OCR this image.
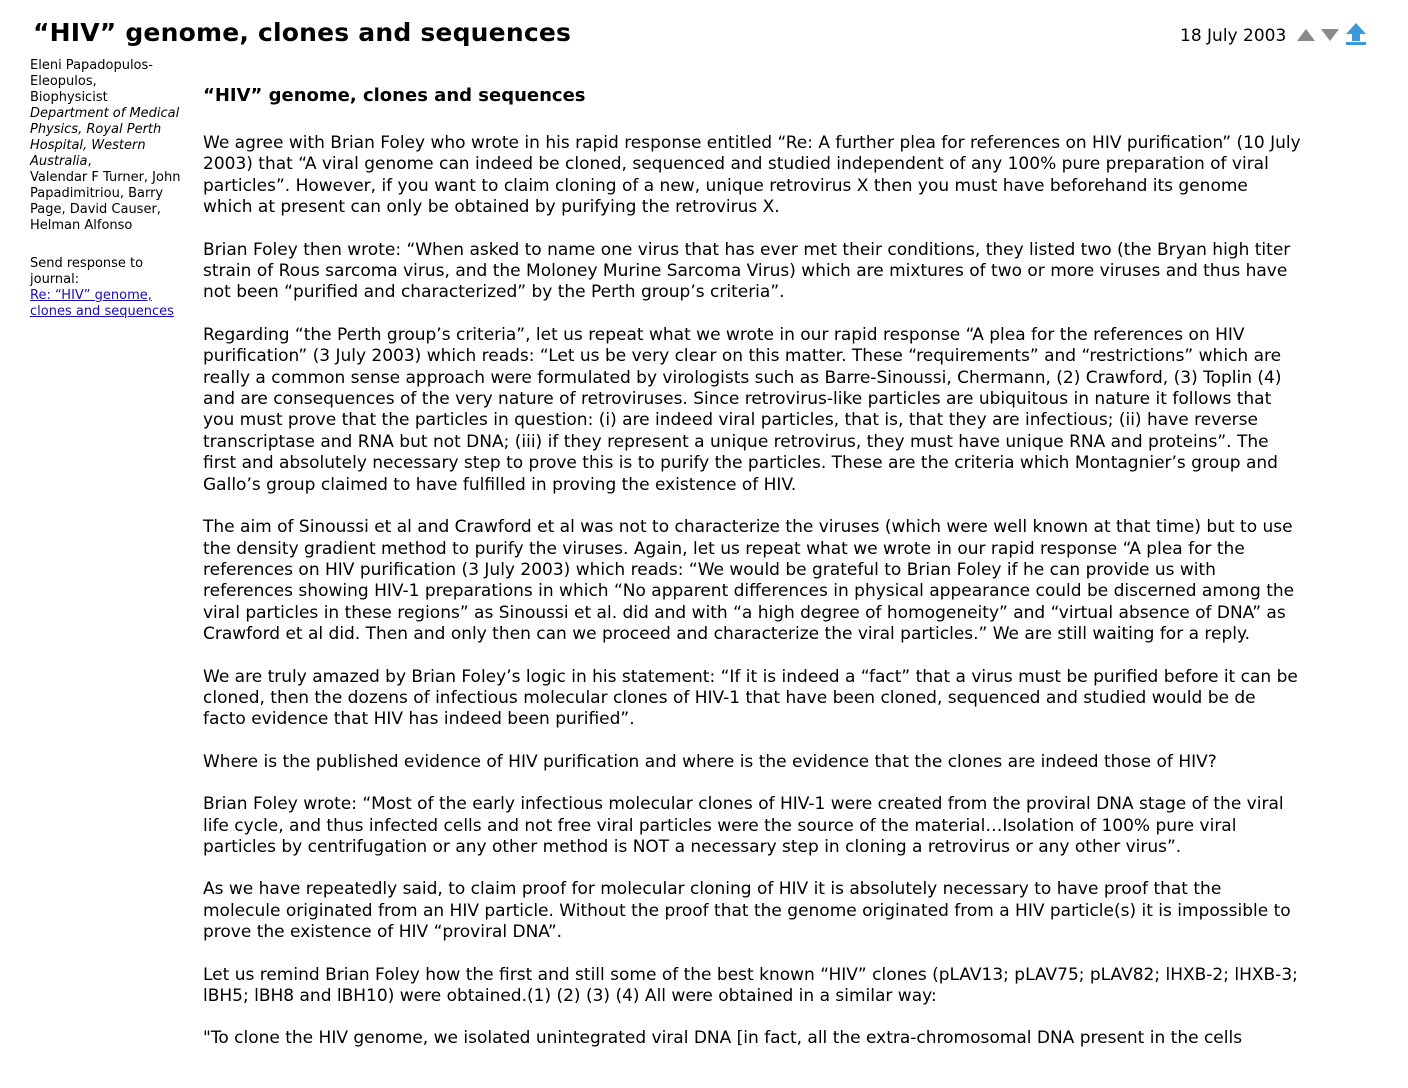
“HIV” genome, clones and sequences	18 July 2003
Eleni Papadopulos-
Eleopulos,
Biophysicist
Department of Medical
Physics, Royal Perth
Hospital, Western
Australia,
Valendar F Turner, John
Papadimitriou, Barry
Page, David Causer,
Helman Alfonso
Send response to
journal:
Re: “HIV” genome,
clones and sequences
“HIV” genome, clones and sequences

We agree with Brian Foley who wrote in his rapid response entitled “Re: A further plea for references on HIV purification” (10 July 2003) that “A viral genome can indeed be cloned, sequenced and studied independent of any 100% pure preparation of viral particles”. However, if you want to claim cloning of a new, unique retrovirus X then you must have beforehand its genome which at present can only be obtained by purifying the retrovirus X.

Brian Foley then wrote: “When asked to name one virus that has ever met their conditions, they listed two (the Bryan high titer strain of Rous sarcoma virus, and the Moloney Murine Sarcoma Virus) which are mixtures of two or more viruses and thus have not been “purified and characterized” by the Perth group’s criteria”.

Regarding “the Perth group’s criteria”, let us repeat what we wrote in our rapid response “A plea for the references on HIV purification” (3 July 2003) which reads: “Let us be very clear on this matter. These “requirements” and “restrictions” which are really a common sense approach were formulated by virologists such as Barre-Sinoussi, Chermann, (2) Crawford, (3) Toplin (4) and are consequences of the very nature of retroviruses. Since retrovirus-like particles are ubiquitous in nature it follows that you must prove that the particles in question: (i) are indeed viral particles, that is, that they are infectious; (ii) have reverse transcriptase and RNA but not DNA; (iii) if they represent a unique retrovirus, they must have unique RNA and proteins”. The first and absolutely necessary step to prove this is to purify the particles. These are the criteria which Montagnier’s group and Gallo’s group claimed to have fulfilled in proving the existence of HIV.

The aim of Sinoussi et al and Crawford et al was not to characterize the viruses (which were well known at that time) but to use the density gradient method to purify the viruses. Again, let us repeat what we wrote in our rapid response “A plea for the references on HIV purification (3 July 2003) which reads: “We would be grateful to Brian Foley if he can provide us with references showing HIV-1 preparations in which “No apparent differences in physical appearance could be discerned among the viral particles in these regions” as Sinoussi et al. did and with “a high degree of homogeneity” and “virtual absence of DNA” as Crawford et al did. Then and only then can we proceed and characterize the viral particles.” We are still waiting for a reply.

We are truly amazed by Brian Foley’s logic in his statement: “If it is indeed a “fact” that a virus must be purified before it can be cloned, then the dozens of infectious molecular clones of HIV-1 that have been cloned, sequenced and studied would be de facto evidence that HIV has indeed been purified”.

Where is the published evidence of HIV purification and where is the evidence that the clones are indeed those of HIV?

Brian Foley wrote: “Most of the early infectious molecular clones of HIV-1 were created from the proviral DNA stage of the viral life cycle, and thus infected cells and not free viral particles were the source of the material…Isolation of 100% pure viral particles by centrifugation or any other method is NOT a necessary step in cloning a retrovirus or any other virus”.

As we have repeatedly said, to claim proof for molecular cloning of HIV it is absolutely necessary to have proof that the molecule originated from an HIV particle. Without the proof that the genome originated from a HIV particle(s) it is impossible to prove the existence of HIV “proviral DNA”.

Let us remind Brian Foley how the first and still some of the best known “HIV” clones (pLAV13; pLAV75; pLAV82; lHXB-2; lHXB-3; lBH5; lBH8 and lBH10) were obtained.(1) (2) (3) (4) All were obtained in a similar way:

"To clone the HIV genome, we isolated unintegrated viral DNA [in fact, all the extra-chromosomal DNA present in the cells
